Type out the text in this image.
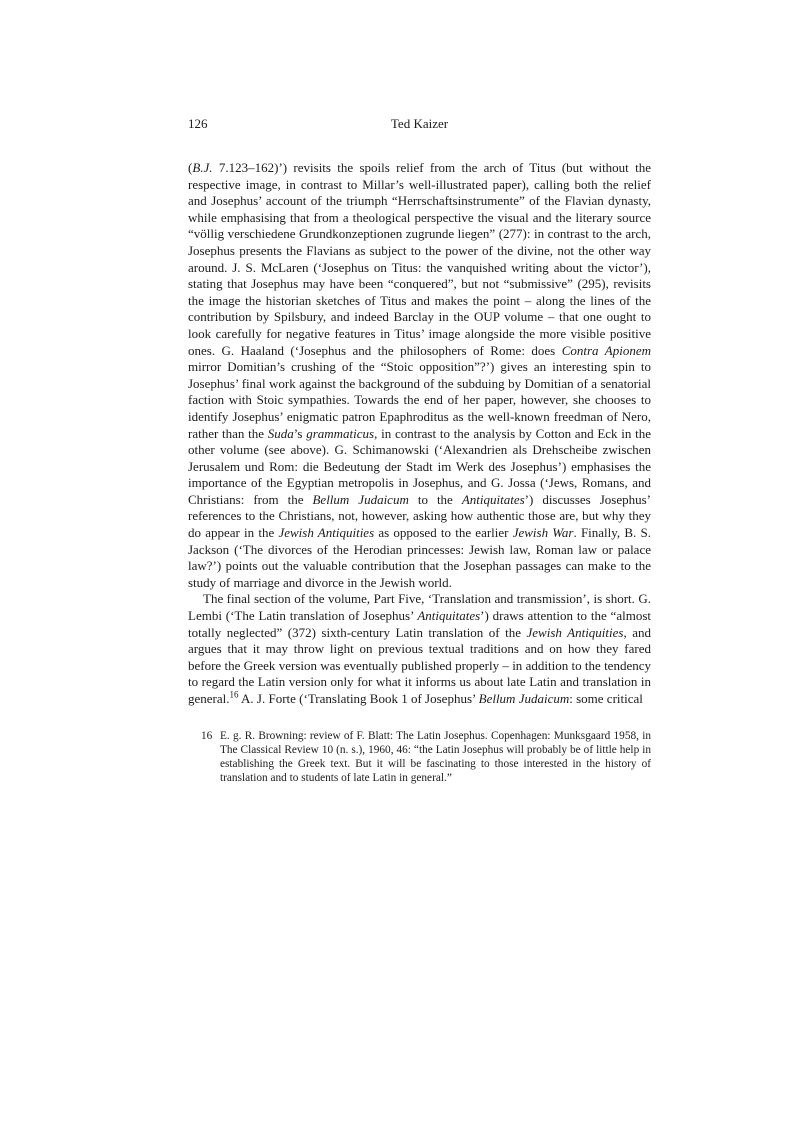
126	Ted Kaizer

(B.J. 7.123–162)’) revisits the spoils relief from the arch of Titus (but without the respective image, in contrast to Millar’s well-illustrated paper), calling both the relief and Josephus’ account of the triumph “Herrschaftsinstrumente” of the Flavian dynasty, while emphasising that from a theological perspective the visual and the literary source “völlig verschiedene Grundkonzeptionen zugrunde liegen” (277): in contrast to the arch, Josephus presents the Flavians as subject to the power of the divine, not the other way around. J. S. McLaren (‘Josephus on Titus: the vanquished writing about the victor’), stating that Josephus may have been “conquered”, but not “submissive” (295), revisits the image the historian sketches of Titus and makes the point – along the lines of the contribution by Spilsbury, and indeed Barclay in the OUP volume – that one ought to look carefully for negative features in Titus’ image alongside the more visible positive ones. G. Haaland (‘Josephus and the philosophers of Rome: does Contra Apionem mirror Domitian’s crushing of the “Stoic opposition”?’) gives an interesting spin to Josephus’ final work against the background of the subduing by Domitian of a senatorial faction with Stoic sympathies. Towards the end of her paper, however, she chooses to identify Josephus’ enigmatic patron Epaphroditus as the well-known freedman of Nero, rather than the Suda’s grammaticus, in contrast to the analysis by Cotton and Eck in the other volume (see above). G. Schimanowski (‘Alexandrien als Drehscheibe zwischen Jerusalem und Rom: die Bedeutung der Stadt im Werk des Josephus’) emphasises the importance of the Egyptian metropolis in Josephus, and G. Jossa (‘Jews, Romans, and Christians: from the Bellum Judaicum to the Antiquitates’) discusses Josephus’ references to the Christians, not, however, asking how authentic those are, but why they do appear in the Jewish Antiquities as opposed to the earlier Jewish War. Finally, B. S. Jackson (‘The divorces of the Herodian princesses: Jewish law, Roman law or palace law?’) points out the valuable contribution that the Josephan passages can make to the study of marriage and divorce in the Jewish world.

The final section of the volume, Part Five, ‘Translation and transmission’, is short. G. Lembi (‘The Latin translation of Josephus’ Antiquitates’) draws attention to the “almost totally neglected” (372) sixth-century Latin translation of the Jewish Antiquities, and argues that it may throw light on previous textual traditions and on how they fared before the Greek version was eventually published properly – in addition to the tendency to regard the Latin version only for what it informs us about late Latin and translation in general.$^{16}$ A. J. Forte (‘Translating Book 1 of Josephus’ Bellum Judaicum: some critical

16 E. g. R. Browning: review of F. Blatt: The Latin Josephus. Copenhagen: Munksgaard 1958, in The Classical Review 10 (n. s.), 1960, 46: “the Latin Josephus will probably be of little help in establishing the Greek text. But it will be fascinating to those interested in the history of translation and to students of late Latin in general.”
